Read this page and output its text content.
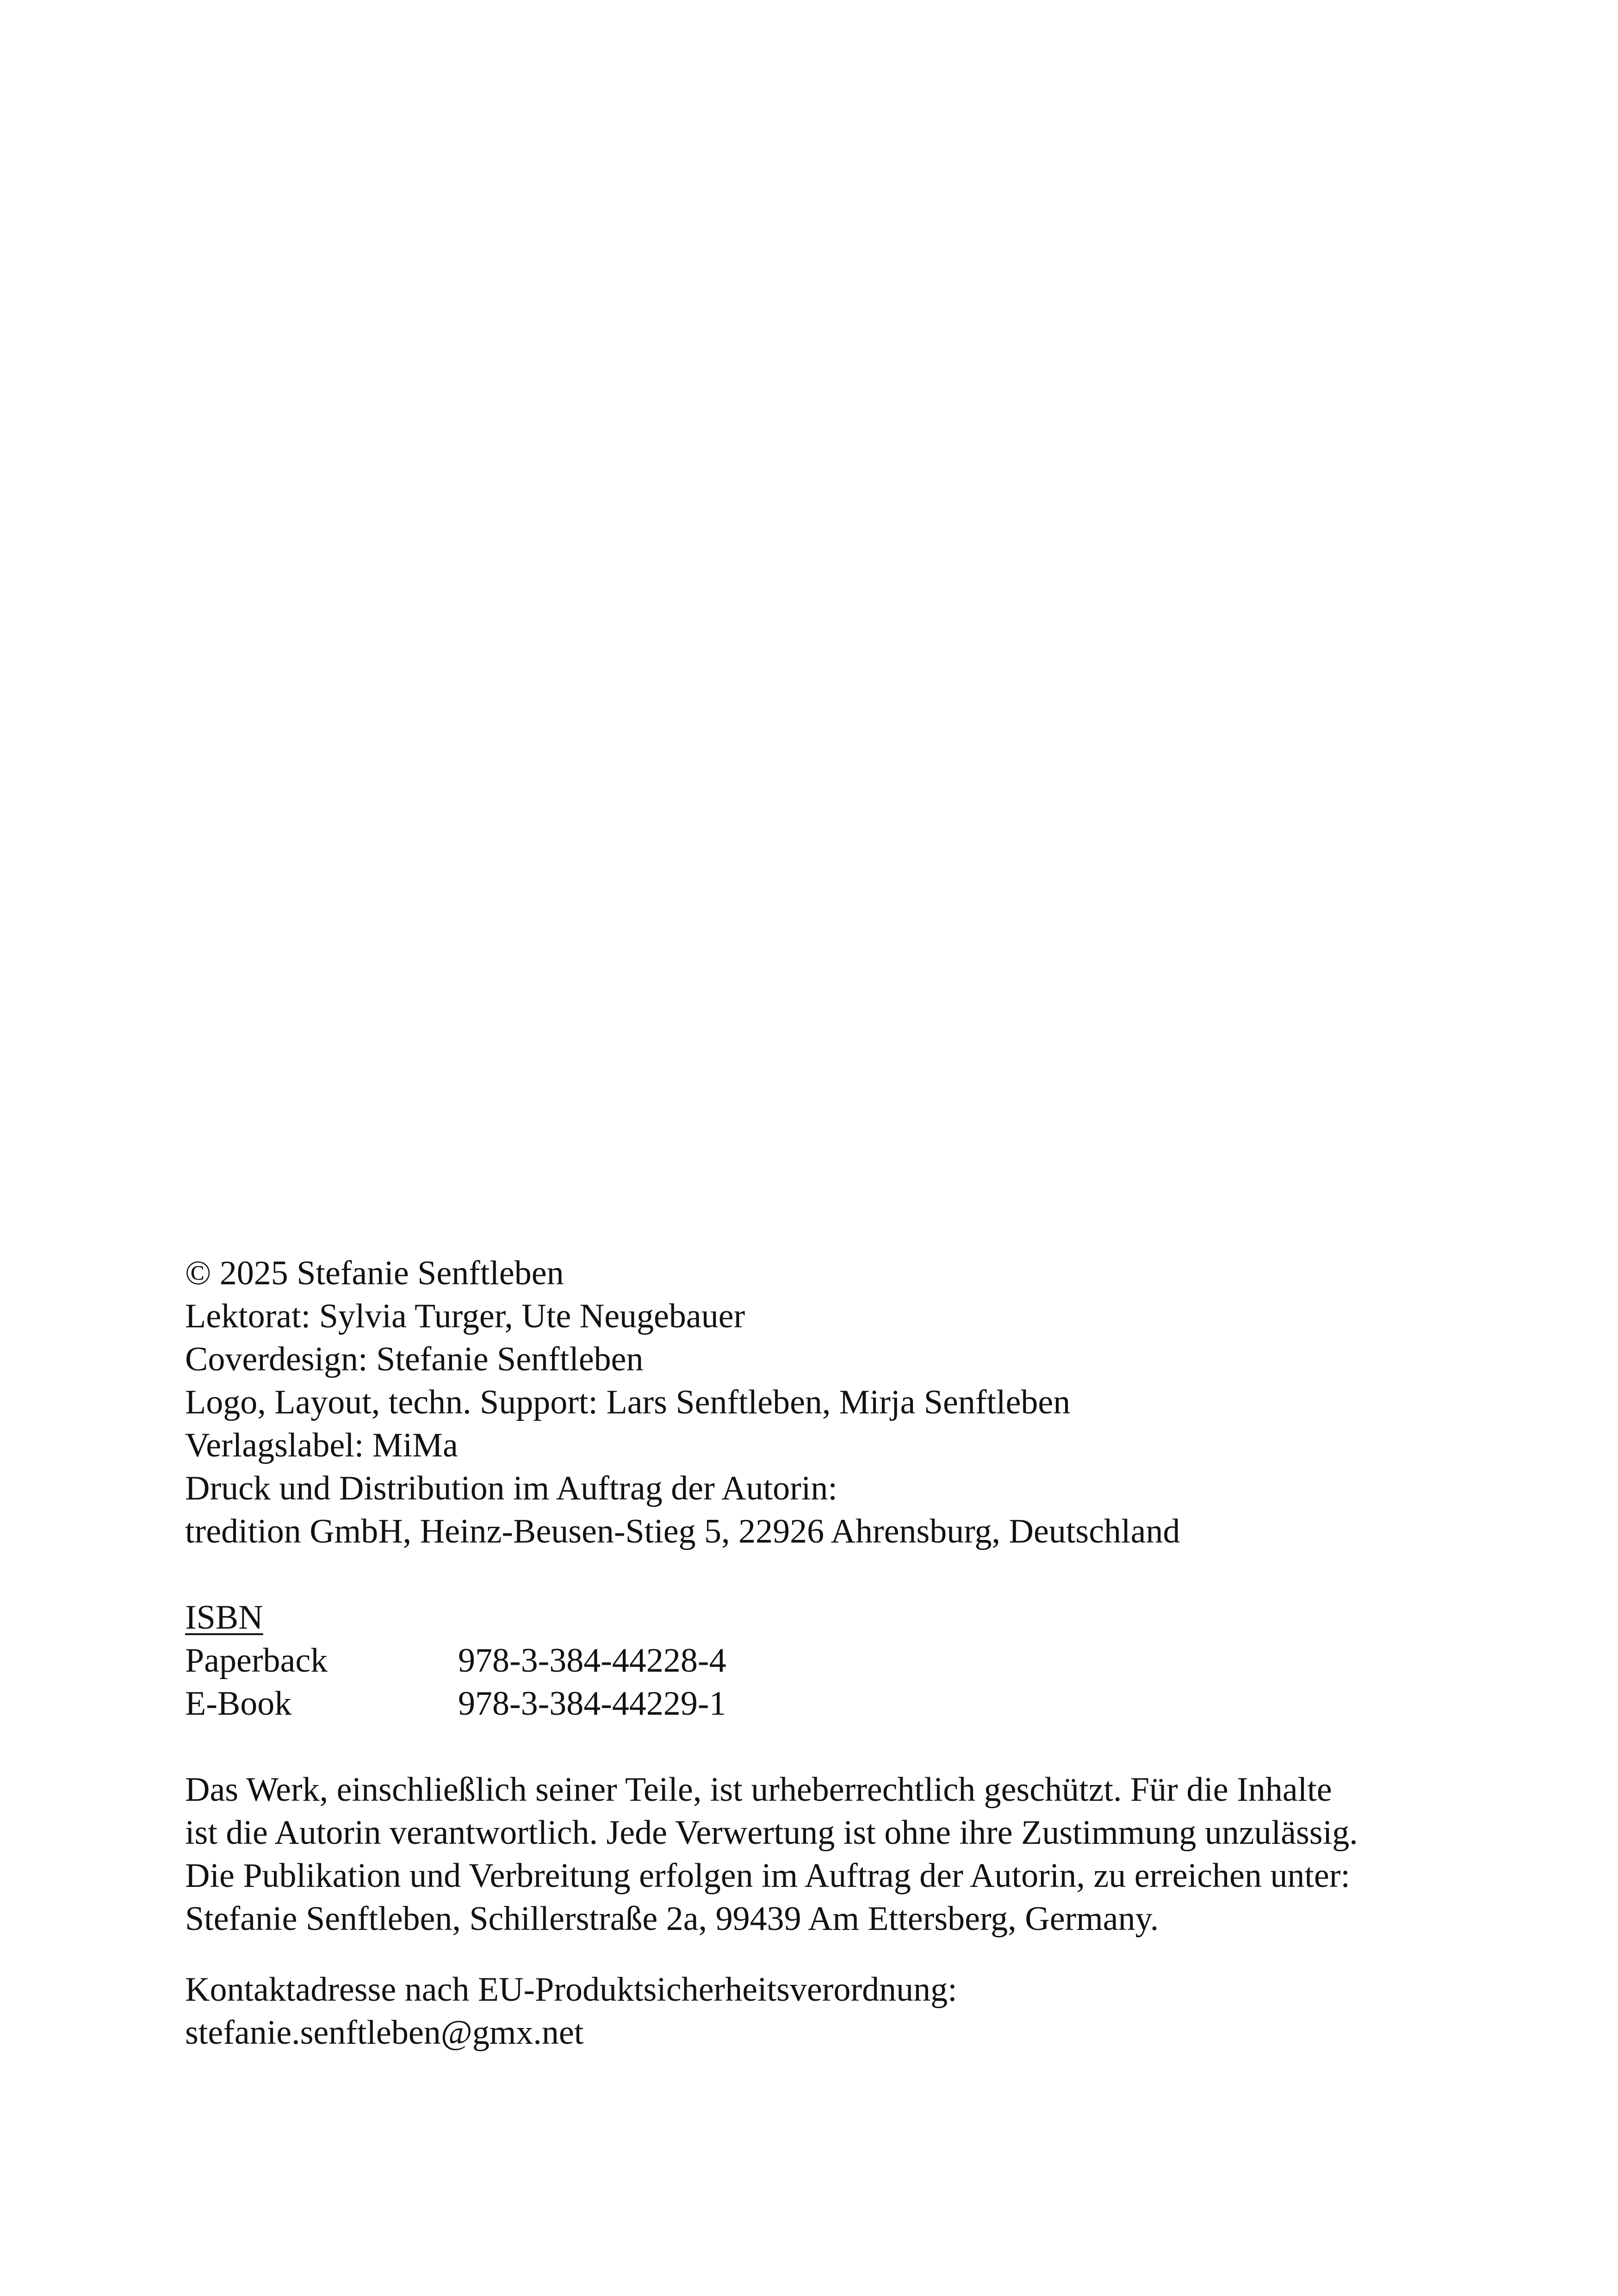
© 2025 Stefanie Senftleben
Lektorat: Sylvia Turger, Ute Neugebauer
Coverdesign: Stefanie Senftleben
Logo, Layout, techn. Support: Lars Senftleben, Mirja Senftleben
Verlagslabel: MiMa
Druck und Distribution im Auftrag der Autorin:
tredition GmbH, Heinz-Beusen-Stieg 5, 22926 Ahrensburg, Deutschland
ISBN
Paperback	978-3-384-44228-4
E-Book	978-3-384-44229-1
Das Werk, einschließlich seiner Teile, ist urheberrechtlich geschützt. Für die Inhalte
ist die Autorin verantwortlich. Jede Verwertung ist ohne ihre Zustimmung unzulässig.
Die Publikation und Verbreitung erfolgen im Auftrag der Autorin, zu erreichen unter:
Stefanie Senftleben, Schillerstraße 2a, 99439 Am Ettersberg, Germany.
Kontaktadresse nach EU-Produktsicherheitsverordnung:
stefanie.senftleben@gmx.net
